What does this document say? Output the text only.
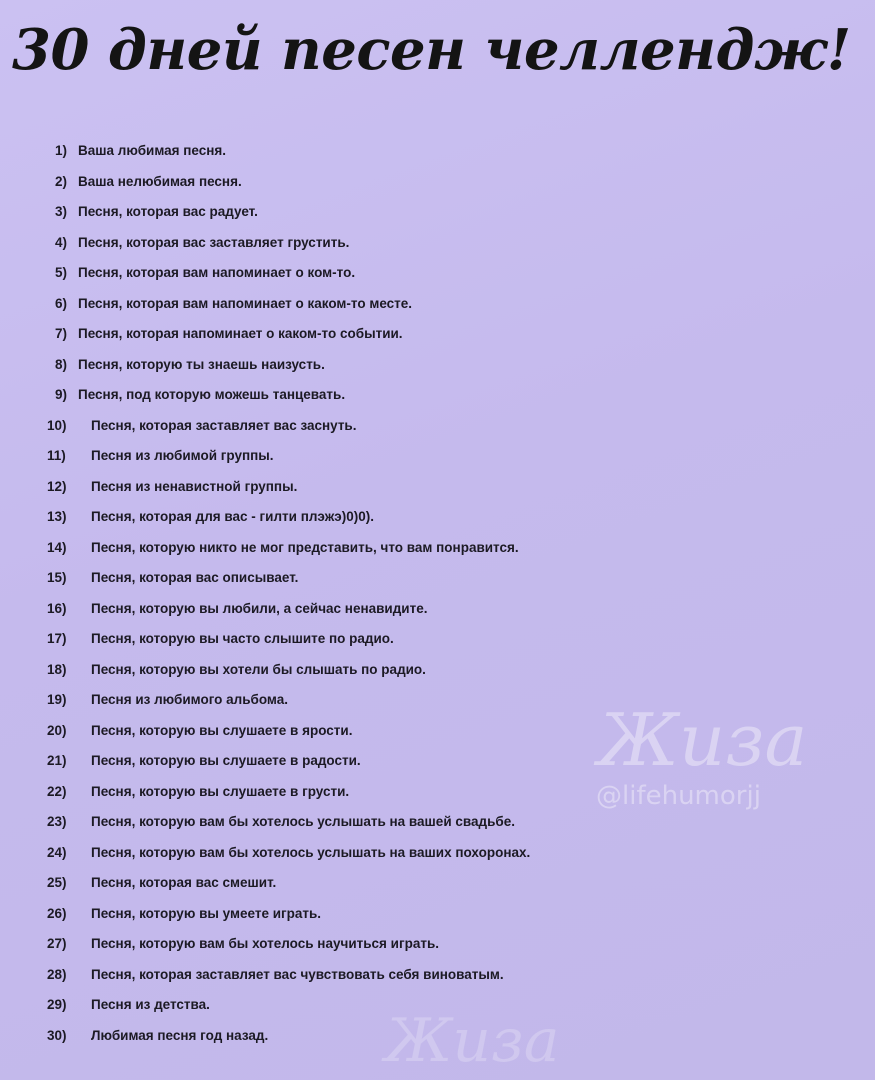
30 дней песен челлендж!
1) Ваша любимая песня.
2) Ваша нелюбимая песня.
3) Песня, которая вас радует.
4) Песня, которая вас заставляет грустить.
5) Песня, которая вам напоминает о ком-то.
6) Песня, которая вам напоминает о каком-то месте.
7) Песня, которая напоминает о каком-то событии.
8) Песня, которую ты знаешь наизусть.
9) Песня, под которую можешь танцевать.
10) Песня, которая заставляет вас заснуть.
11) Песня из любимой группы.
12) Песня из ненавистной группы.
13) Песня, которая для вас - гилти плэжэ)0)0).
14) Песня, которую никто не мог представить, что вам понравится.
15) Песня, которая вас описывает.
16) Песня, которую вы любили, а сейчас ненавидите.
17) Песня, которую вы часто слышите по радио.
18) Песня, которую вы хотели бы слышать по радио.
19) Песня из любимого альбома.
20) Песня, которую вы слушаете в ярости.
21) Песня, которую вы слушаете в радости.
22) Песня, которую вы слушаете в грусти.
23) Песня, которую вам бы хотелось услышать на вашей свадьбе.
24) Песня, которую вам бы хотелось услышать на ваших похоронах.
25) Песня, которая вас смешит.
26) Песня, которую вы умеете играть.
27) Песня, которую вам бы хотелось научиться играть.
28) Песня, которая заставляет вас чувствовать себя виноватым.
29) Песня из детства.
30) Любимая песня год назад.
Жиза
@lifehumorjj
Жиза
